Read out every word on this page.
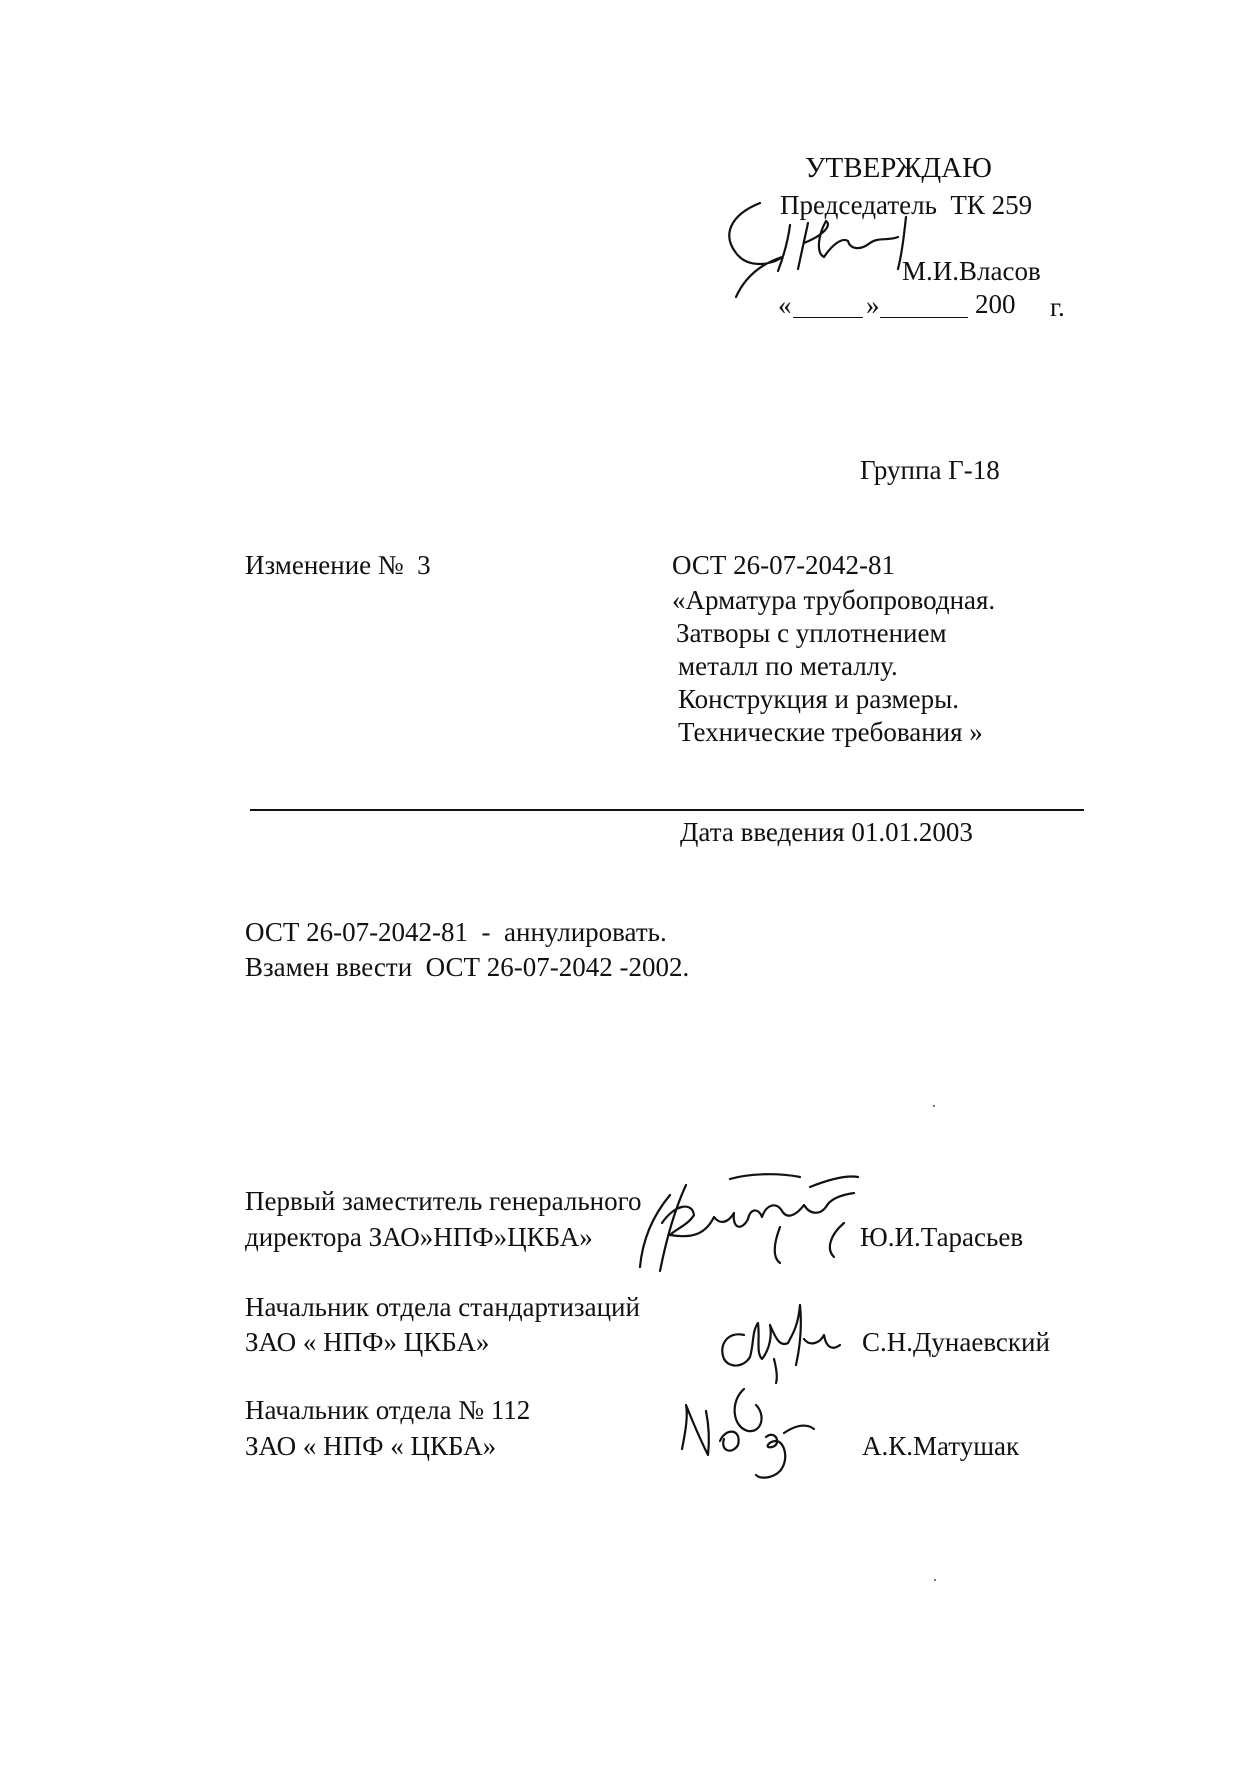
УТВЕРЖДАЮ
Председатель  ТК 259
М.И.Власов
«	»	200 г.
Группа Г-18
Изменение №  3	ОСТ 26-07-2042-81
«Арматура трубопроводная.
Затворы с уплотнением
металл по металлу.
Конструкция и размеры.
Технические требования »
Дата введения 01.01.2003
ОСТ 26-07-2042-81  -  аннулировать.
Взамен ввести  ОСТ 26-07-2042 -2002.
Первый заместитель генерального
директора ЗАО»НПФ»ЦКБА»	Ю.И.Тарасьев
Начальник отдела стандартизаций
ЗАО « НПФ» ЦКБА»	С.Н.Дунаевский
Начальник отдела № 112
ЗАО « НПФ « ЦКБА»	А.К.Матушак
